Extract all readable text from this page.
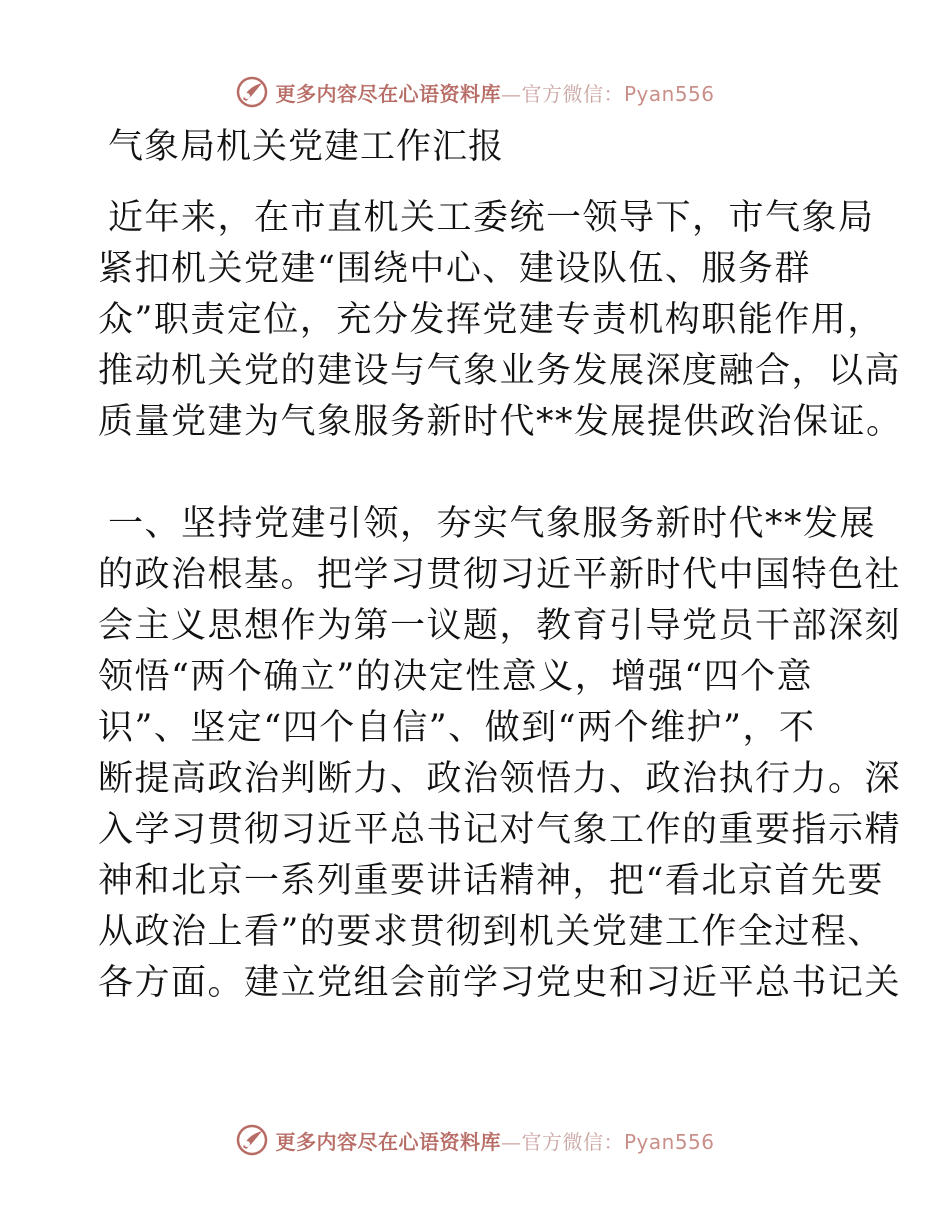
更多内容尽在心语资料库—官方微信：Pyan556
气象局机关党建工作汇报
近年来，在市直机关工委统一领导下，市气象局
紧扣机关党建“围绕中心、建设队伍、服务群
众”职责定位，充分发挥党建专责机构职能作用，
推动机关党的建设与气象业务发展深度融合，以高
质量党建为气象服务新时代**发展提供政治保证。
一、坚持党建引领，夯实气象服务新时代**发展
的政治根基。把学习贯彻习近平新时代中国特色社
会主义思想作为第一议题，教育引导党员干部深刻
领悟“两个确立”的决定性意义，增强“四个意
识”、坚定“四个自信”、做到“两个维护”，不
断提高政治判断力、政治领悟力、政治执行力。深
入学习贯彻习近平总书记对气象工作的重要指示精
神和北京一系列重要讲话精神，把“看北京首先要
从政治上看”的要求贯彻到机关党建工作全过程、
各方面。建立党组会前学习党史和习近平总书记关
更多内容尽在心语资料库—官方微信：Pyan556
